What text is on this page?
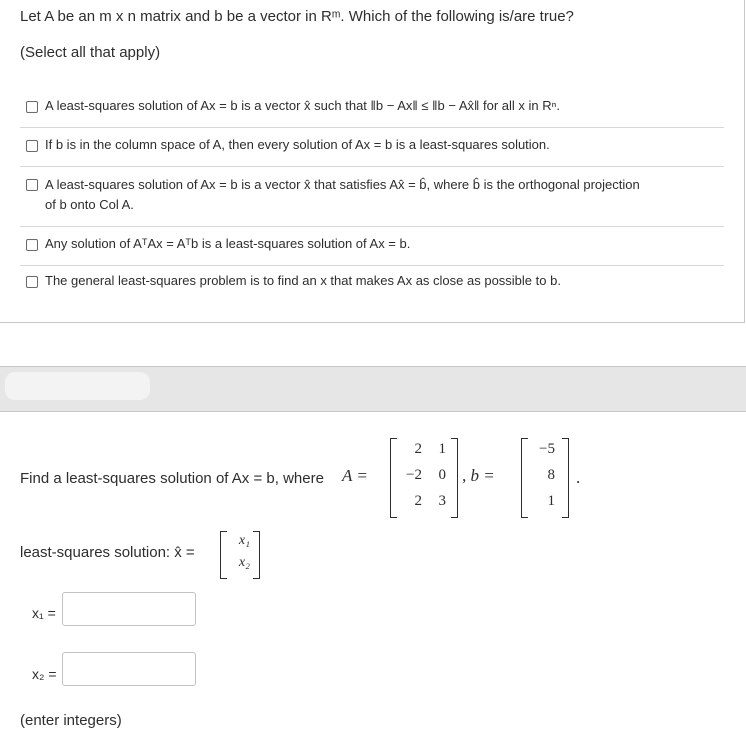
Let A be an m x n matrix and b be a vector in Rᵐ. Which of the following is/are true?
(Select all that apply)
A least-squares solution of Ax = b is a vector x̂ such that ‖b − Ax‖ ≤ ‖b − Ax̂‖ for all x in Rⁿ.
If b is in the column space of A, then every solution of Ax = b is a least-squares solution.
A least-squares solution of Ax = b is a vector x̂ that satisfies Ax̂ = b̂, where b̂ is the orthogonal projection
of b onto Col A.
Any solution of AᵀAx = Aᵀb is a least-squares solution of Ax = b.
The general least-squares problem is to find an x that makes Ax as close as possible to b.
Find a least-squares solution of Ax = b, where A =
2	1
−2	0
2	3
, b =
−5
8
1
.
least-squares solution: x̂ =
x₁
x₂
x₁ =
x₂ =
(enter integers)
